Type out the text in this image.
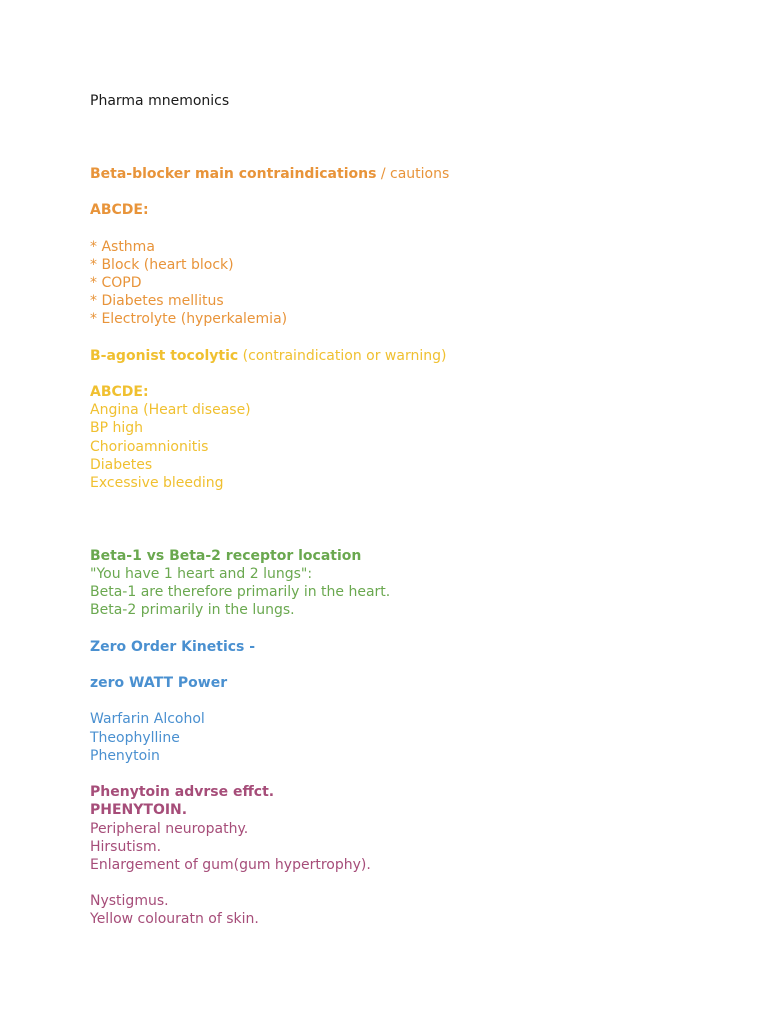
Pharma mnemonics
Beta-blocker main contraindications / cautions
ABCDE:
* Asthma
* Block (heart block)
* COPD
* Diabetes mellitus
* Electrolyte (hyperkalemia)
B-agonist tocolytic (contraindication or warning)
ABCDE:
Angina (Heart disease)
BP high
Chorioamnionitis
Diabetes
Excessive bleeding
Beta-1 vs Beta-2 receptor location
"You have 1 heart and 2 lungs":
Beta-1 are therefore primarily in the heart.
Beta-2 primarily in the lungs.
Zero Order Kinetics -
zero WATT Power
Warfarin Alcohol
Theophylline
Phenytoin
Phenytoin advrse effct.
PHENYTOIN.
Peripheral neuropathy.
Hirsutism.
Enlargement of gum(gum hypertrophy).
Nystigmus.
Yellow colouratn of skin.
